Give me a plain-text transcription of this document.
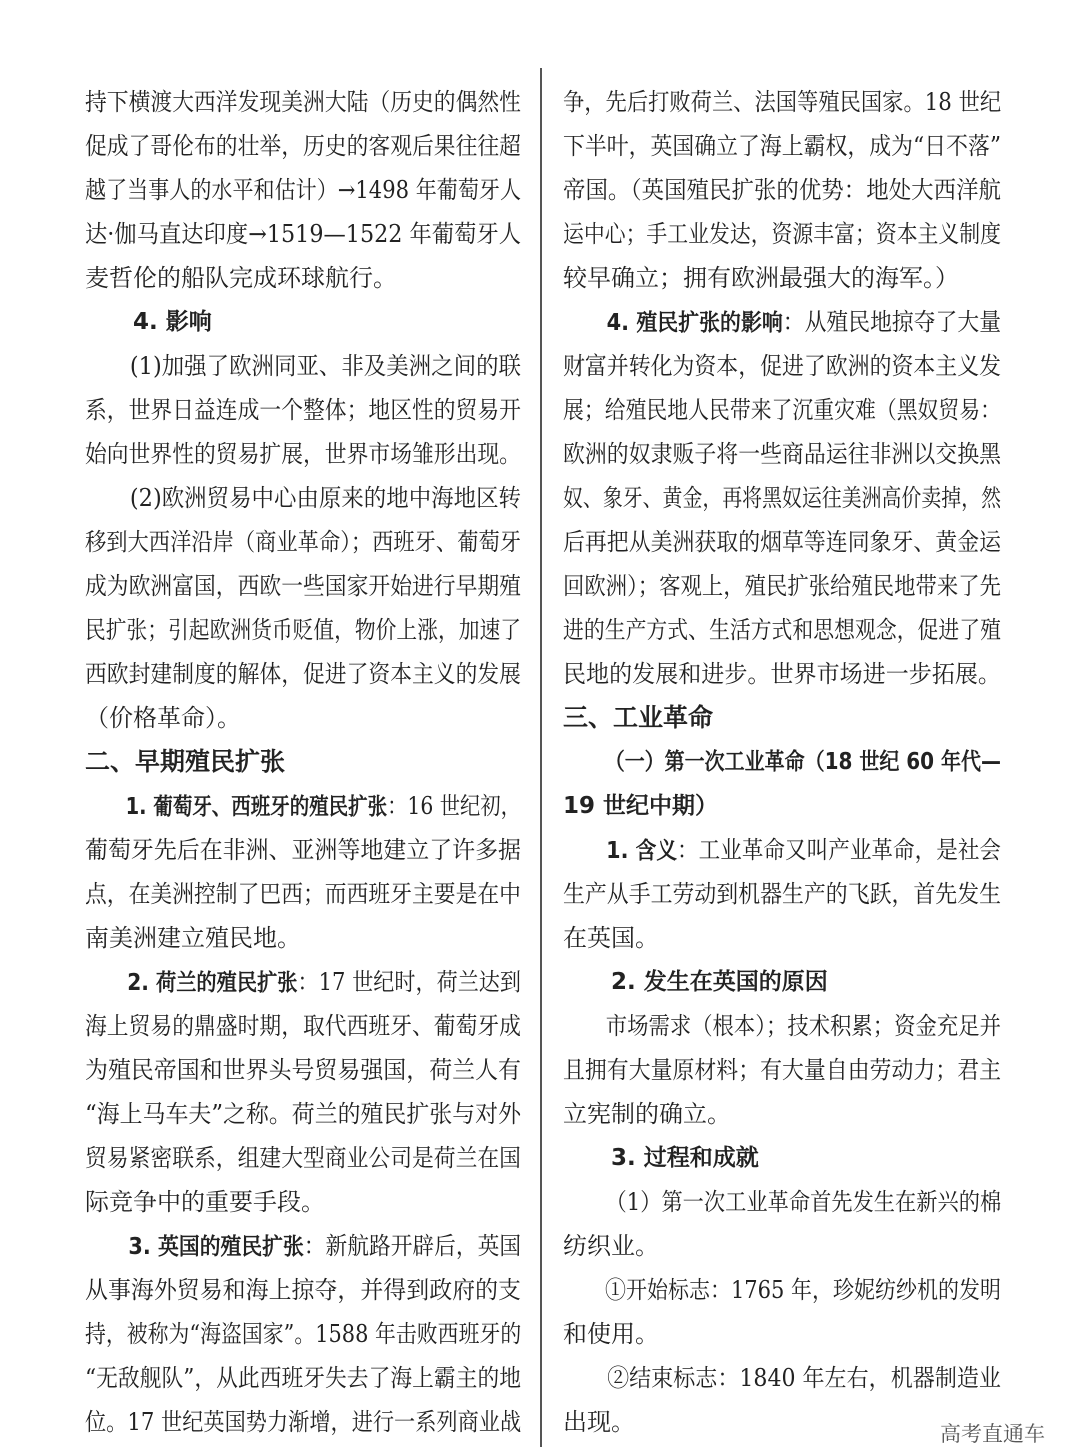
持下横渡大西洋发现美洲大陆（历史的偶然性
促成了哥伦布的壮举，历史的客观后果往往超
越了当事人的水平和估计）→1498 年葡萄牙人
达·伽马直达印度→1519—1522 年葡萄牙人
麦哲伦的船队完成环球航行。
4. 影响
(1)加强了欧洲同亚、非及美洲之间的联
系，世界日益连成一个整体；地区性的贸易开
始向世界性的贸易扩展，世界市场雏形出现。
(2)欧洲贸易中心由原来的地中海地区转
移到大西洋沿岸（商业革命）；西班牙、葡萄牙
成为欧洲富国，西欧一些国家开始进行早期殖
民扩张；引起欧洲货币贬值，物价上涨，加速了
西欧封建制度的解体，促进了资本主义的发展
（价格革命）。
二、早期殖民扩张
1. 葡萄牙、西班牙的殖民扩张：16 世纪初，
葡萄牙先后在非洲、亚洲等地建立了许多据
点，在美洲控制了巴西；而西班牙主要是在中
南美洲建立殖民地。
2. 荷兰的殖民扩张：17 世纪时，荷兰达到
海上贸易的鼎盛时期，取代西班牙、葡萄牙成
为殖民帝国和世界头号贸易强国，荷兰人有
“海上马车夫”之称。荷兰的殖民扩张与对外
贸易紧密联系，组建大型商业公司是荷兰在国
际竞争中的重要手段。
3. 英国的殖民扩张：新航路开辟后，英国
从事海外贸易和海上掠夺，并得到政府的支
持，被称为“海盗国家”。1588 年击败西班牙的
“无敌舰队”，从此西班牙失去了海上霸主的地
位。17 世纪英国势力渐增，进行一系列商业战
争，先后打败荷兰、法国等殖民国家。18 世纪
下半叶，英国确立了海上霸权，成为“日不落”
帝国。（英国殖民扩张的优势：地处大西洋航
运中心；手工业发达，资源丰富；资本主义制度
较早确立；拥有欧洲最强大的海军。）
4. 殖民扩张的影响：从殖民地掠夺了大量
财富并转化为资本，促进了欧洲的资本主义发
展；给殖民地人民带来了沉重灾难（黑奴贸易：
欧洲的奴隶贩子将一些商品运往非洲以交换黑
奴、象牙、黄金，再将黑奴运往美洲高价卖掉，然
后再把从美洲获取的烟草等连同象牙、黄金运
回欧洲）；客观上，殖民扩张给殖民地带来了先
进的生产方式、生活方式和思想观念，促进了殖
民地的发展和进步。世界市场进一步拓展。
三、工业革命
（一）第一次工业革命（18 世纪 60 年代—
19 世纪中期）
1. 含义：工业革命又叫产业革命，是社会
生产从手工劳动到机器生产的飞跃，首先发生
在英国。
2. 发生在英国的原因
市场需求（根本）；技术积累；资金充足并
且拥有大量原材料；有大量自由劳动力；君主
立宪制的确立。
3. 过程和成就
（1）第一次工业革命首先发生在新兴的棉
纺织业。
①开始标志：1765 年，珍妮纺纱机的发明
和使用。
②结束标志：1840 年左右，机器制造业
出现。	高考直通车
